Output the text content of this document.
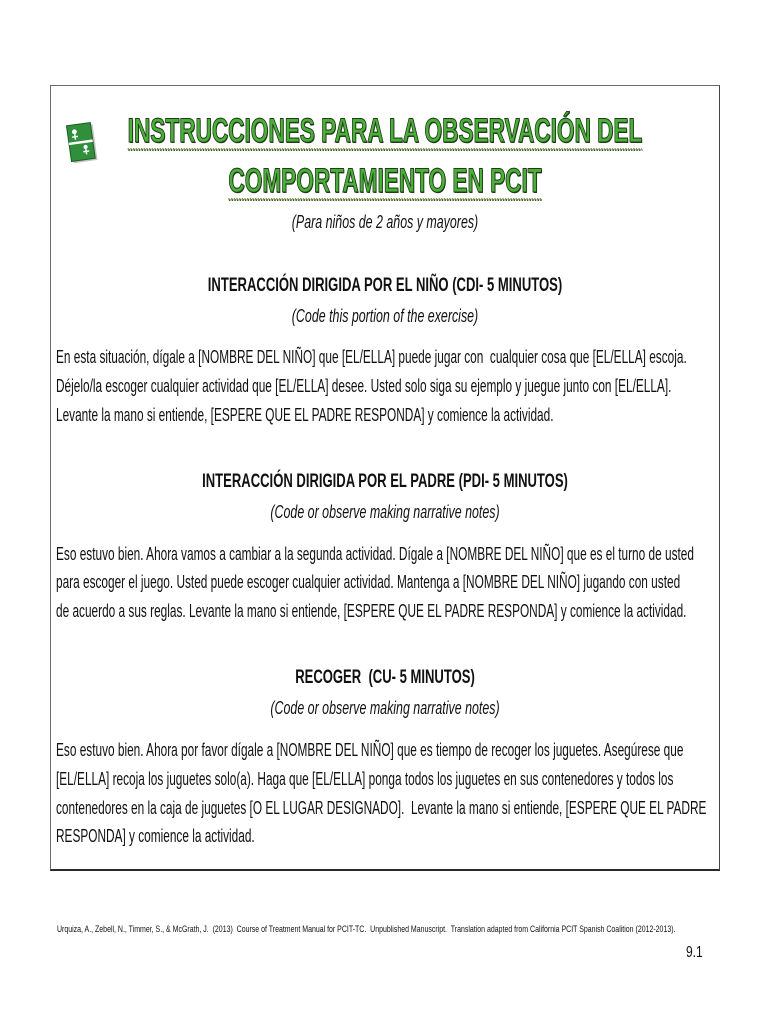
INSTRUCCIONES PARA LA OBSERVACIÓN DEL
COMPORTAMIENTO EN PCIT
(Para niños de 2 años y mayores)
INTERACCIÓN DIRIGIDA POR EL NIÑO (CDI- 5 MINUTOS)
(Code this portion of the exercise)
En esta situación, dígale a [NOMBRE DEL NIÑO] que [EL/ELLA] puede jugar con  cualquier cosa que [EL/ELLA] escoja.
Déjelo/la escoger cualquier actividad que [EL/ELLA] desee. Usted solo siga su ejemplo y juegue junto con [EL/ELLA].
Levante la mano si entiende, [ESPERE QUE EL PADRE RESPONDA] y comience la actividad.
INTERACCIÓN DIRIGIDA POR EL PADRE (PDI- 5 MINUTOS)
(Code or observe making narrative notes)
Eso estuvo bien. Ahora vamos a cambiar a la segunda actividad. Dígale a [NOMBRE DEL NIÑO] que es el turno de usted
para escoger el juego. Usted puede escoger cualquier actividad. Mantenga a [NOMBRE DEL NIÑO] jugando con usted
de acuerdo a sus reglas. Levante la mano si entiende, [ESPERE QUE EL PADRE RESPONDA] y comience la actividad.
RECOGER  (CU- 5 MINUTOS)
(Code or observe making narrative notes)
Eso estuvo bien. Ahora por favor dígale a [NOMBRE DEL NIÑO] que es tiempo de recoger los juguetes. Asegúrese que
[EL/ELLA] recoja los juguetes solo(a). Haga que [EL/ELLA] ponga todos los juguetes en sus contenedores y todos los
contenedores en la caja de juguetes [O EL LUGAR DESIGNADO].  Levante la mano si entiende, [ESPERE QUE EL PADRE
RESPONDA] y comience la actividad.
Urquiza, A., Zebell, N., Timmer, S., & McGrath, J.  (2013)  Course of Treatment Manual for PCIT-TC.  Unpublished Manuscript.  Translation adapted from California PCIT Spanish Coalition (2012-2013).
9.1
